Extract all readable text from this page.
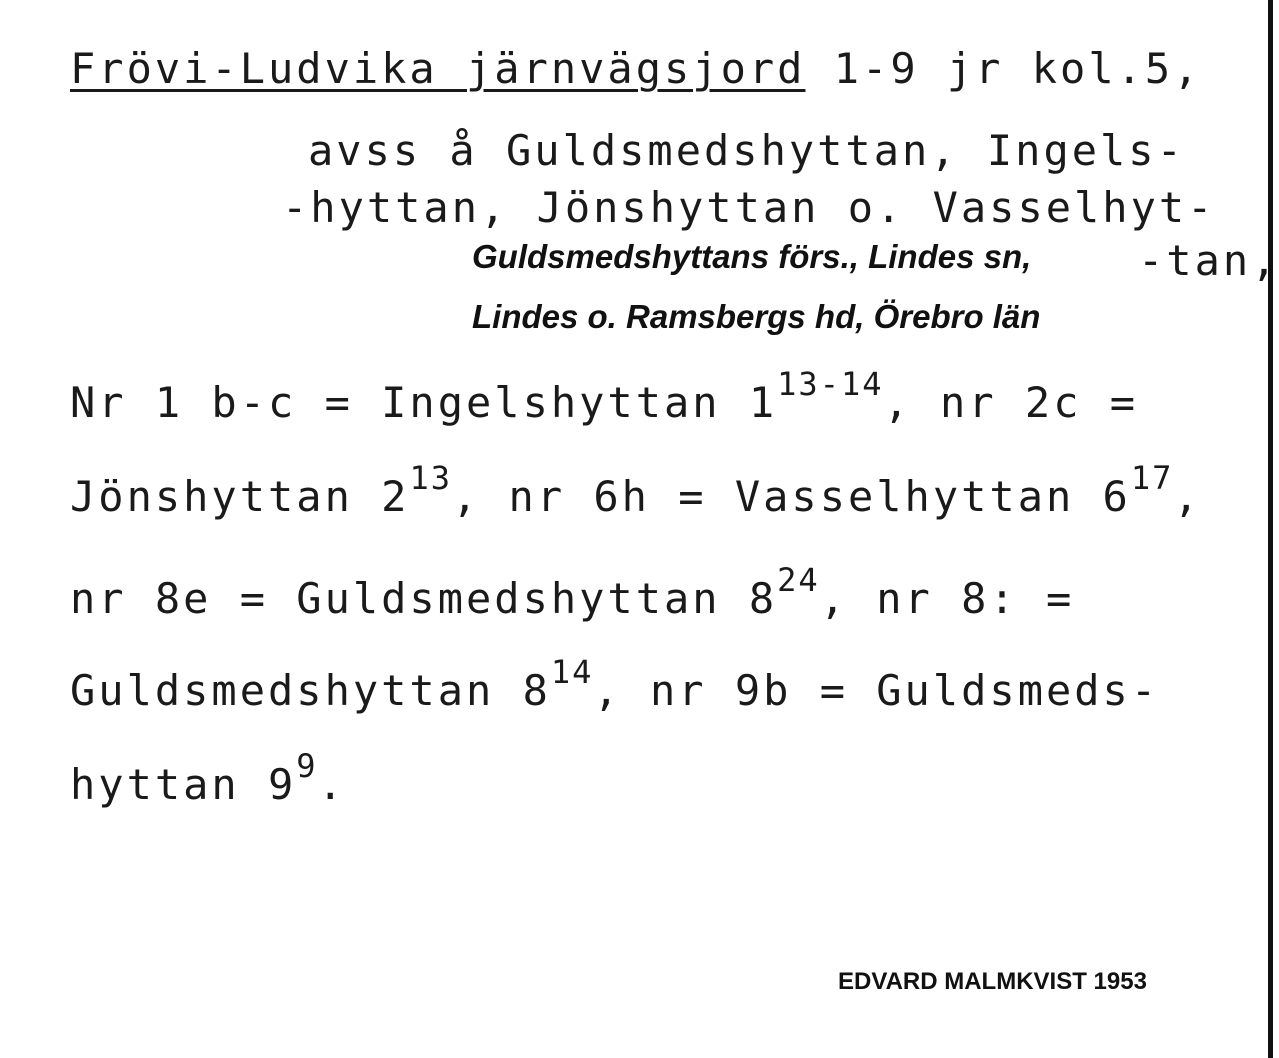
Frövi-Ludvika järnvägsjord 1-9 jr kol.5,
avss å Guldsmedshyttan, Ingels-
-hyttan, Jönshyttan o. Vasselhyt-
Guldsmedshyttans förs., Lindes sn,	-tan,
Lindes o. Ramsbergs hd, Örebro län
Nr 1 b-c = Ingelshyttan 1$^{13-14}$, nr 2c =
Jönshyttan $2^{13}$, nr 6h = Vasselhyttan $6^{17}$,
nr 8e = Guldsmedshyttan $8^{24}$, nr 8: =
Guldsmedshyttan $8^{14}$, nr 9b = Guldsmeds-
hyttan $9^9$.
EDVARD MALMKVIST 1953
